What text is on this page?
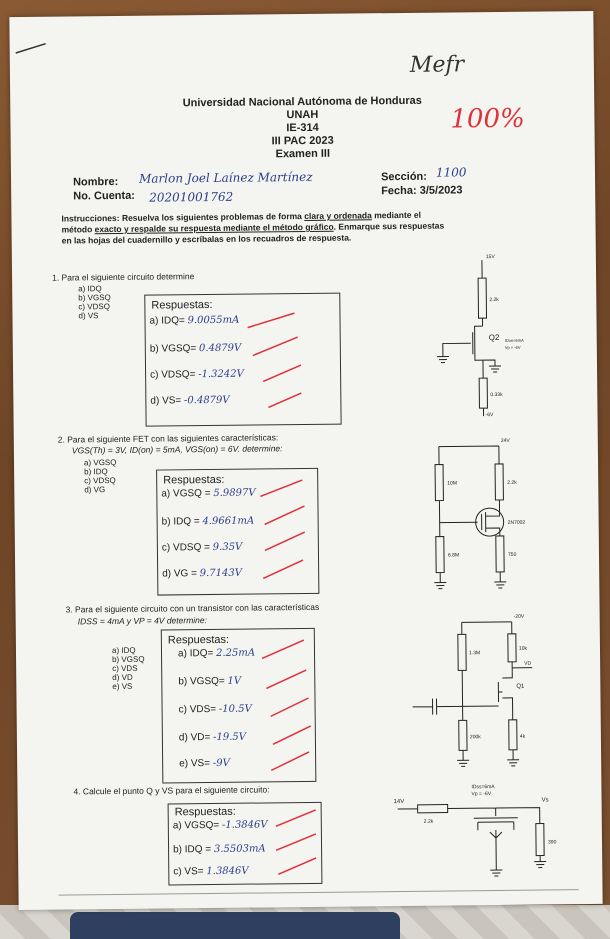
Mefr
100%
Universidad Nacional Autónoma de Honduras
UNAH
IE-314
III PAC 2023
Examen III
Nombre: Marlon Joel Laínez Martínez
No. Cuenta: 20201001762
Sección: 1100
Fecha: 3/5/2023
Instrucciones: Resuelva los siguientes problemas de forma clara y ordenada mediante el
método exacto y respalde su respuesta mediante el método gráfico. Enmarque sus respuestas
en las hojas del cuadernillo y escríbalas en los recuadros de respuesta.
1. Para el siguiente circuito determine
a) IDQ
b) VGSQ
c) VDSQ
d) VS
Respuestas:
a) IDQ= 9.0055mA
b) VGSQ= 0.4879V
c) VDSQ= -1.3242V
d) VS= -0.4879V
15V
2.2k
Q2 IDon=6mA
Vp = -6V
0.33k
-6V
2. Para el siguiente FET con las siguientes características:
VGS(Th) = 3V, ID(on) = 5mA, VGS(on) = 6V. determine:
a) VGSQ
b) IDQ
c) VDSQ
d) VG
Respuestas:
a) VGSQ = 5.9897V
b) IDQ = 4.9661mA
c) VDSQ = 9.35V
d) VG = 9.7143V
24V
10M	2.2k
2N7002
6.8M	750
3. Para el siguiente circuito con un transistor con las características
IDSS = 4mA y VP = 4V determine:
a) IDQ
b) VGSQ
c) VDS
d) VD
e) VS
Respuestas:
a) IDQ= 2.25mA
b) VGSQ= 1V
c) VDS= -10.5V
d) VD= -19.5V
e) VS= -9V
-20V
1.3M
10k
VD
Q1
200k	4k
4. Calcule el punto Q y VS para el siguiente circuito:
Respuestas:
a) VGSQ= -1.3846V
b) IDQ = 3.5503mA
c) VS= 1.3846V
IDss=6mA
Vp = -6V
14V
2.2k
Vs
390
